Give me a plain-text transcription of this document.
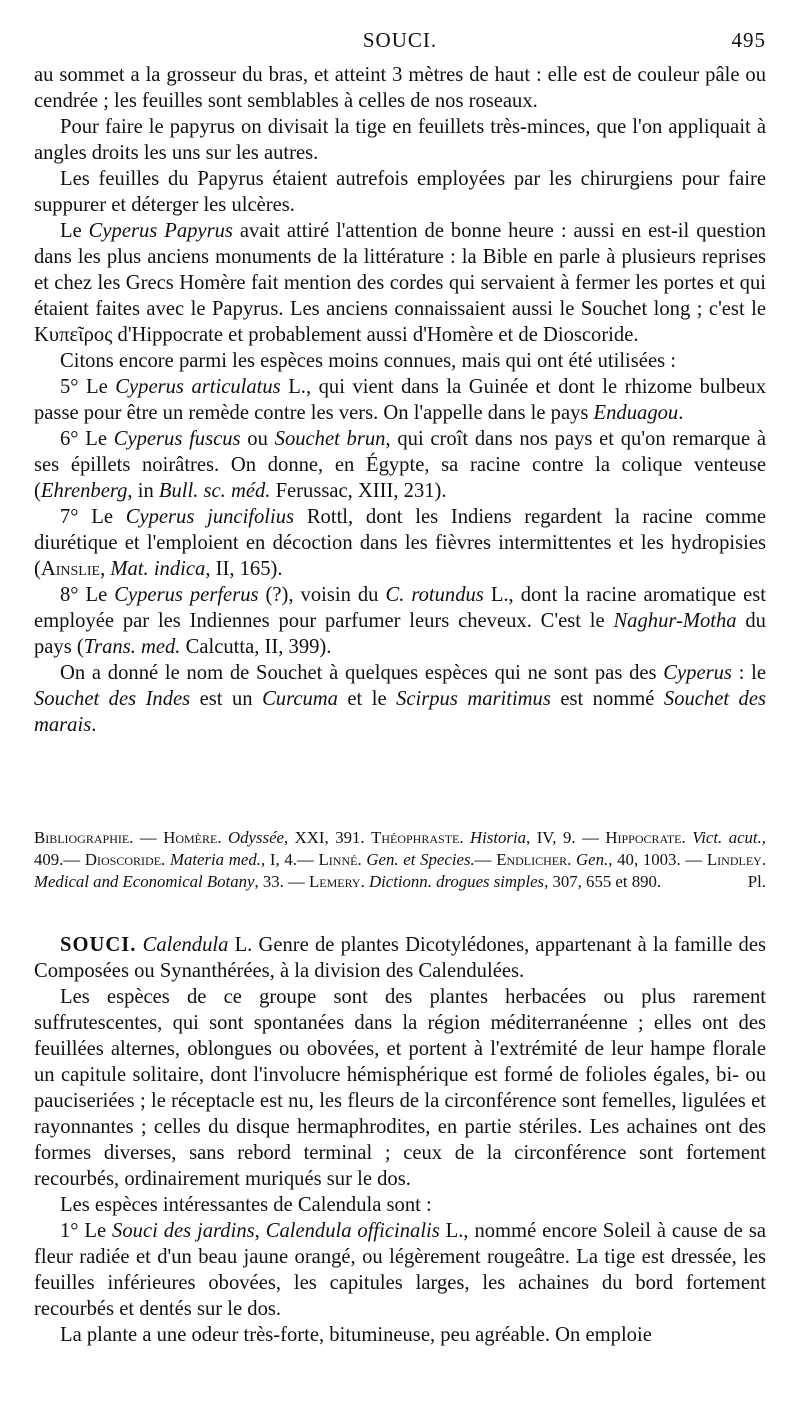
SOUCI.	495

au sommet a la grosseur du bras, et atteint 3 mètres de haut : elle est de couleur pâle ou cendrée ; les feuilles sont semblables à celles de nos roseaux.

Pour faire le papyrus on divisait la tige en feuillets très-minces, que l'on appliquait à angles droits les uns sur les autres.

Les feuilles du Papyrus étaient autrefois employées par les chirurgiens pour faire suppurer et déterger les ulcères.

Le Cyperus Papyrus avait attiré l'attention de bonne heure : aussi en est-il question dans les plus anciens monuments de la littérature : la Bible en parle à plusieurs reprises et chez les Grecs Homère fait mention des cordes qui servaient à fermer les portes et qui étaient faites avec le Papyrus. Les anciens connaissaient aussi le Souchet long ; c'est le Κυπεῖρος d'Hippocrate et probablement aussi d'Homère et de Dioscoride.

Citons encore parmi les espèces moins connues, mais qui ont été utilisées :

5° Le Cyperus articulatus L., qui vient dans la Guinée et dont le rhizome bulbeux passe pour être un remède contre les vers. On l'appelle dans le pays Enduagou.

6° Le Cyperus fuscus ou Souchet brun, qui croît dans nos pays et qu'on remarque à ses épillets noirâtres. On donne, en Égypte, sa racine contre la colique venteuse (Ehrenberg, in Bull. sc. méd. Ferussac, XIII, 231).

7° Le Cyperus juncifolius Rottl, dont les Indiens regardent la racine comme diurétique et l'emploient en décoction dans les fièvres intermittentes et les hydropisies (Ainslie, Mat. indica, II, 165).

8° Le Cyperus perferus (?), voisin du C. rotundus L., dont la racine aromatique est employée par les Indiennes pour parfumer leurs cheveux. C'est le Naghur-Motha du pays (Trans. med. Calcutta, II, 399).

On a donné le nom de Souchet à quelques espèces qui ne sont pas des Cyperus : le Souchet des Indes est un Curcuma et le Scirpus maritimus est nommé Souchet des marais.

Bibliographie. — Homère. Odyssée, XXI, 391. Théophraste. Historia, IV, 9. — Hippocrate. Vict. acut., 409.— Dioscoride. Materia med., I, 4.— Linné. Gen. et Species.— Endlicher. Gen., 40, 1003. — Lindley. Medical and Economical Botany, 33. — Lemery. Dictionn. drogues simples, 307, 655 et 890.	Pl.

SOUCI. Calendula L. Genre de plantes Dicotylédones, appartenant à la famille des Composées ou Synanthérées, à la division des Calendulées.

Les espèces de ce groupe sont des plantes herbacées ou plus rarement suffrutescentes, qui sont spontanées dans la région méditerranéenne ; elles ont des feuillées alternes, oblongues ou obovées, et portent à l'extrémité de leur hampe florale un capitule solitaire, dont l'involucre hémisphérique est formé de folioles égales, bi- ou pauciseriées ; le réceptacle est nu, les fleurs de la circonférence sont femelles, ligulées et rayonnantes ; celles du disque hermaphrodites, en partie stériles. Les achaines ont des formes diverses, sans rebord terminal ; ceux de la circonférence sont fortement recourbés, ordinairement muriqués sur le dos.

Les espèces intéressantes de Calendula sont :

1° Le Souci des jardins, Calendula officinalis L., nommé encore Soleil à cause de sa fleur radiée et d'un beau jaune orangé, ou légèrement rougeâtre. La tige est dressée, les feuilles inférieures obovées, les capitules larges, les achaines du bord fortement recourbés et dentés sur le dos.

La plante a une odeur très-forte, bitumineuse, peu agréable. On emploie
